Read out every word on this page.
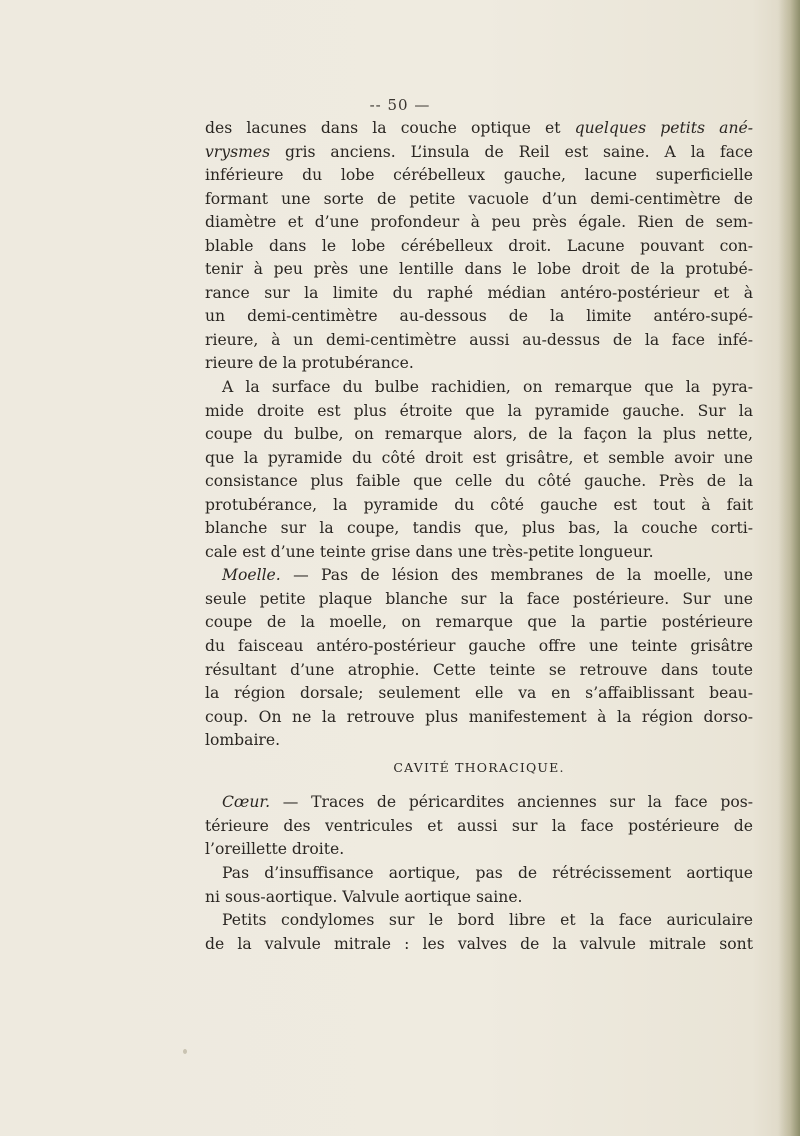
-- 50 —
des lacunes dans la couche optique et quelques petits ané-
vrysmes gris anciens. L’insula de Reil est saine. A la face
inférieure du lobe cérébelleux gauche, lacune superficielle
formant une sorte de petite vacuole d’un demi-centimètre de
diamètre et d’une profondeur à peu près égale. Rien de sem-
blable dans le lobe cérébelleux droit. Lacune pouvant con-
tenir à peu près une lentille dans le lobe droit de la protubé-
rance sur la limite du raphé médian antéro-postérieur et à
un demi-centimètre au-dessous de la limite antéro-supé-
rieure, à un demi-centimètre aussi au-dessus de la face infé-
rieure de la protubérance.
A la surface du bulbe rachidien, on remarque que la pyra-
mide droite est plus étroite que la pyramide gauche. Sur la
coupe du bulbe, on remarque alors, de la façon la plus nette,
que la pyramide du côté droit est grisâtre, et semble avoir une
consistance plus faible que celle du côté gauche. Près de la
protubérance, la pyramide du côté gauche est tout à fait
blanche sur la coupe, tandis que, plus bas, la couche corti-
cale est d’une teinte grise dans une très-petite longueur.
Moelle. — Pas de lésion des membranes de la moelle, une
seule petite plaque blanche sur la face postérieure. Sur une
coupe de la moelle, on remarque que la partie postérieure
du faisceau antéro-postérieur gauche offre une teinte grisâtre
résultant d’une atrophie. Cette teinte se retrouve dans toute
la région dorsale; seulement elle va en s’affaiblissant beau-
coup. On ne la retrouve plus manifestement à la région dorso-
lombaire.
CAVITÉ THORACIQUE.
Cœur. — Traces de péricardites anciennes sur la face pos-
térieure des ventricules et aussi sur la face postérieure de
l’oreillette droite.
Pas d’insuffisance aortique, pas de rétrécissement aortique
ni sous-aortique. Valvule aortique saine.
Petits condylomes sur le bord libre et la face auriculaire
de la valvule mitrale : les valves de la valvule mitrale sont
